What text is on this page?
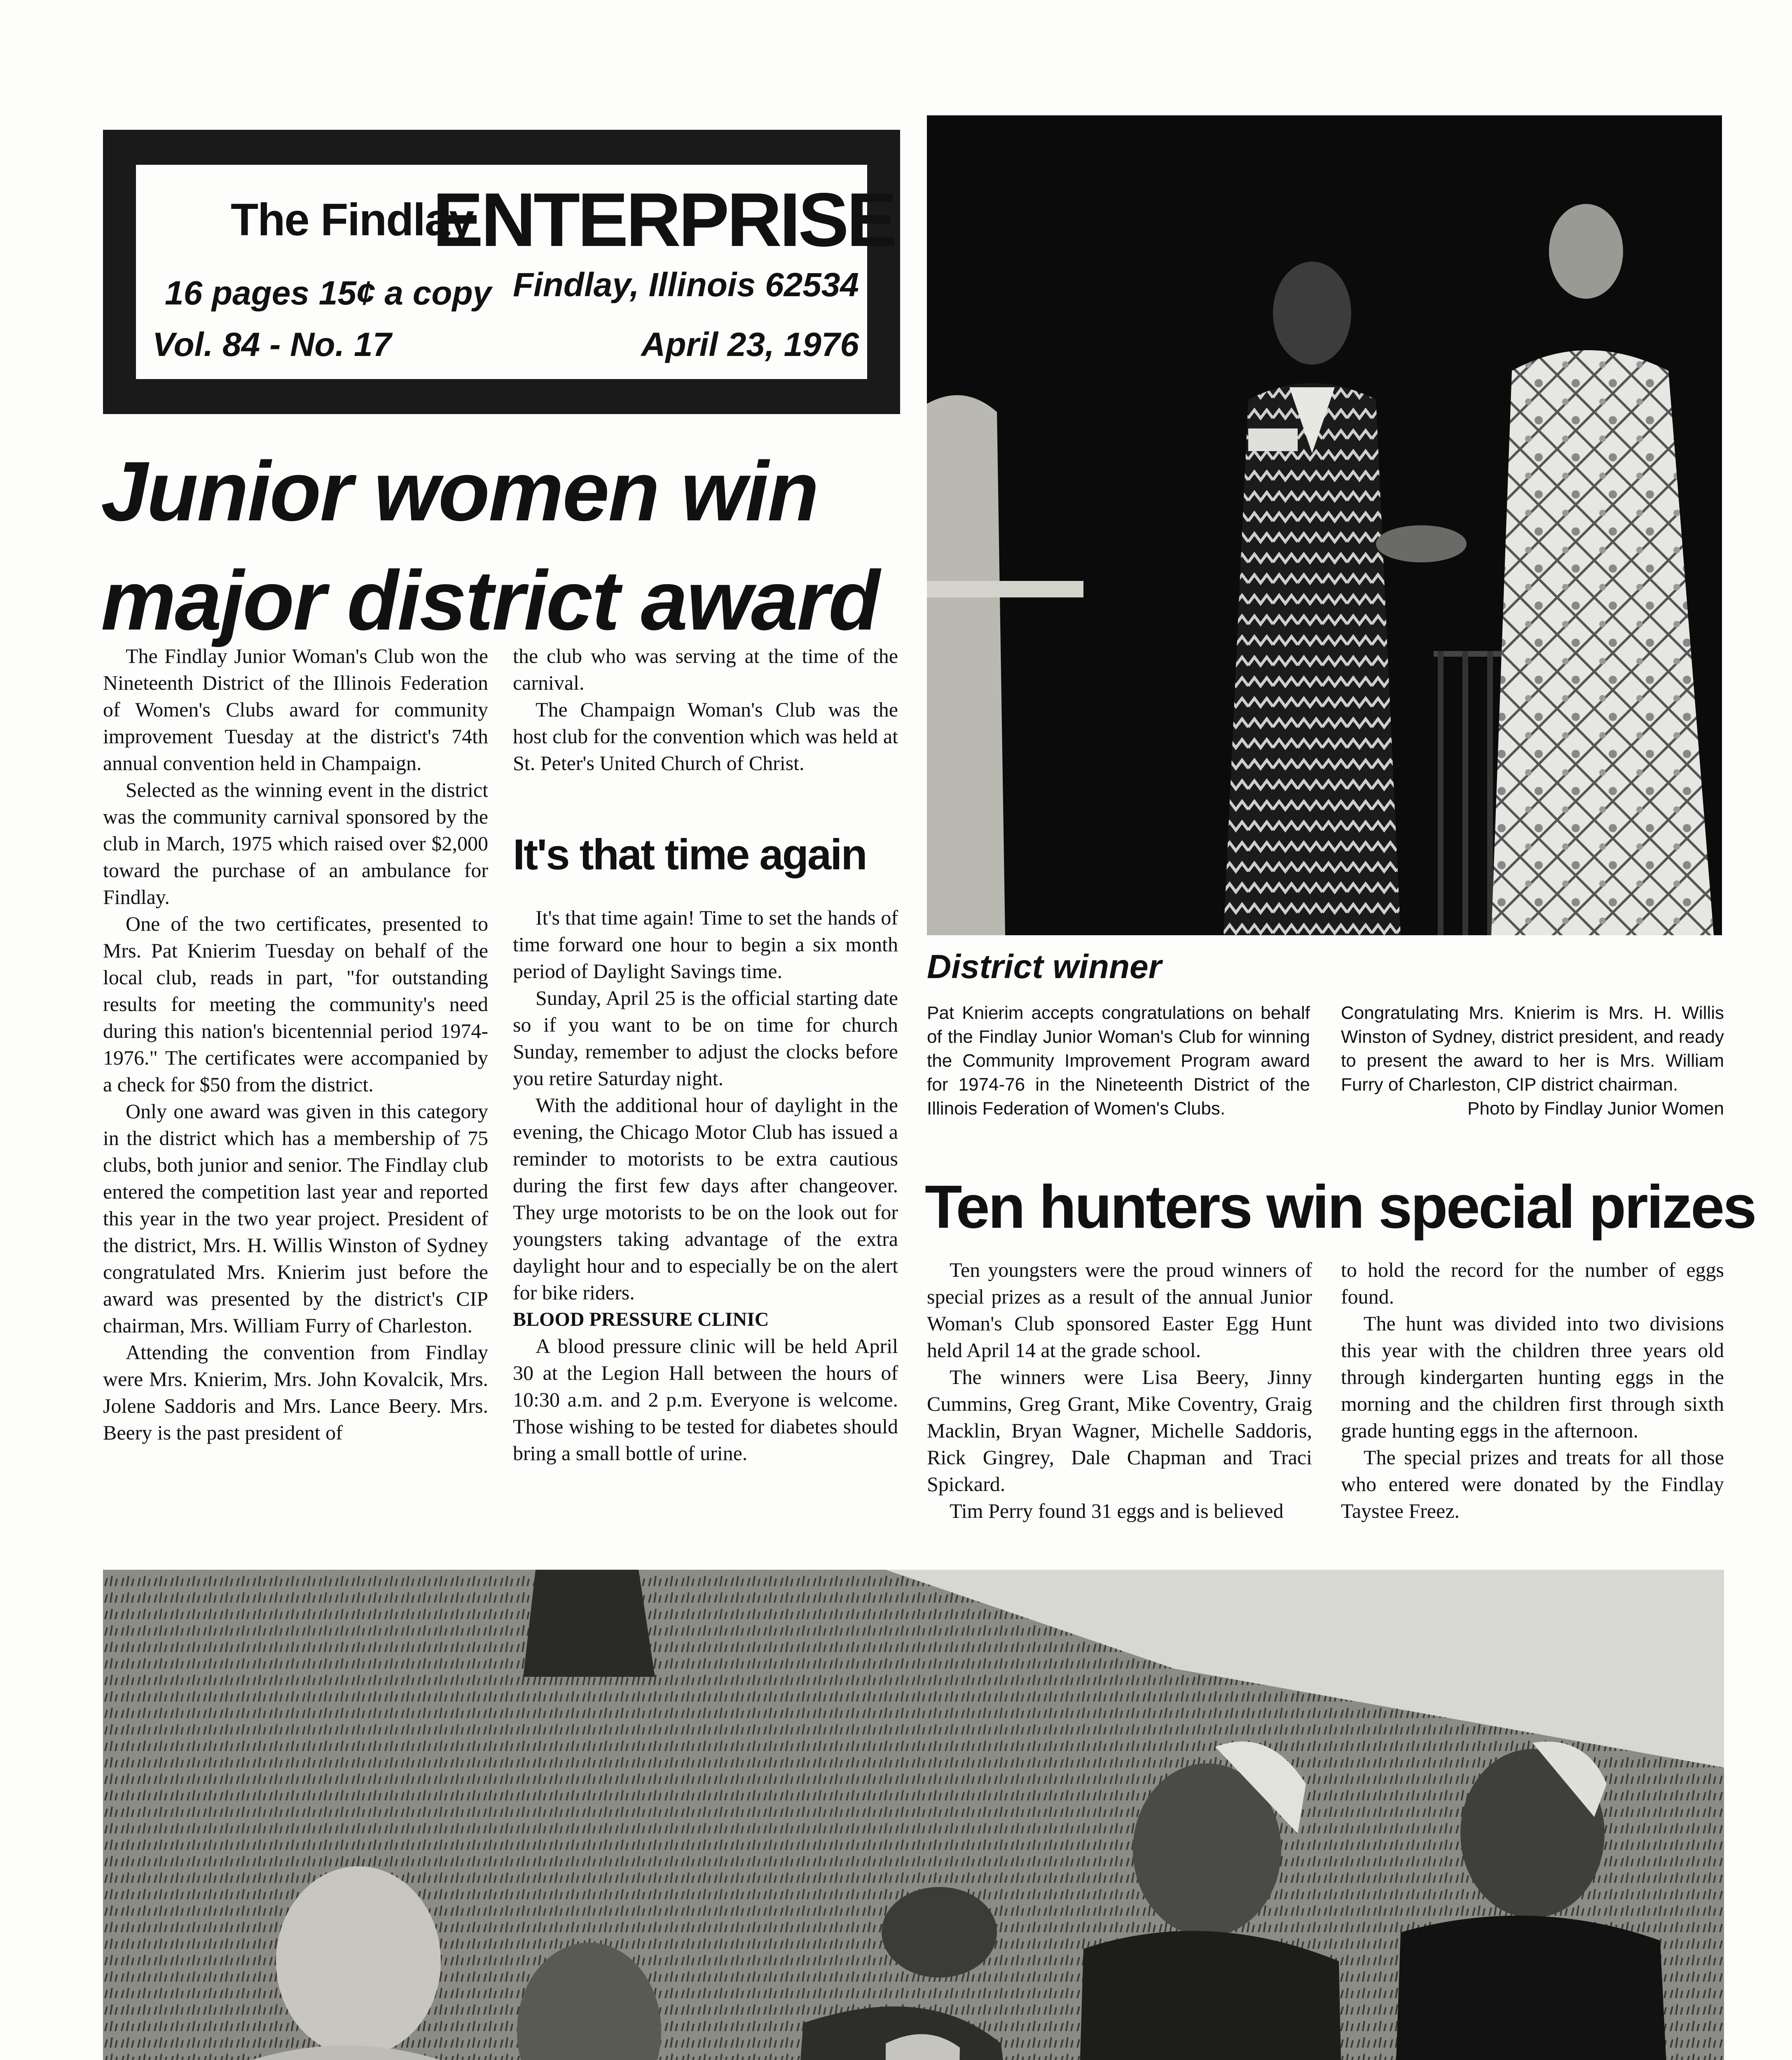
The Findlay
ENTERPRISE
16 pages 15¢ a copy Findlay, Illinois 62534
Vol. 84 - No. 17	April 23, 1976
Junior women win major district award

The Findlay Junior Woman's Club won the Nineteenth District of the Illinois Federation of Women's Clubs award for community improvement Tuesday at the district's 74th annual convention held in Champaign.

Selected as the winning event in the district was the community carnival sponsored by the club in March, 1975 which raised over $2,000 toward the purchase of an ambulance for Findlay.

One of the two certificates, presented to Mrs. Pat Knierim Tuesday on behalf of the local club, reads in part, "for outstanding results for meeting the community's need during this nation's bicentennial period 1974-1976." The certificates were accompanied by a check for $50 from the district.

Only one award was given in this category in the district which has a membership of 75 clubs, both junior and senior. The Findlay club entered the competition last year and reported this year in the two year project. President of the district, Mrs. H. Willis Winston of Sydney congratulated Mrs. Knierim just before the award was presented by the district's CIP chairman, Mrs. William Furry of Charleston.

Attending the convention from Findlay were Mrs. Knierim, Mrs. John Kovalcik, Mrs. Jolene Saddoris and Mrs. Lance Beery. Mrs. Beery is the past president of

the club who was serving at the time of the carnival.

The Champaign Woman's Club was the host club for the convention which was held at St. Peter's United Church of Christ.

It's that time again

It's that time again! Time to set the hands of time forward one hour to begin a six month period of Daylight Savings time.

Sunday, April 25 is the official starting date so if you want to be on time for church Sunday, remember to adjust the clocks before you retire Saturday night.

With the additional hour of daylight in the evening, the Chicago Motor Club has issued a reminder to motorists to be extra cautious during the first few days after changeover. They urge motorists to be on the look out for youngsters taking advantage of the extra daylight hour and to especially be on the alert for bike riders.

BLOOD PRESSURE CLINIC

A blood pressure clinic will be held April 30 at the Legion Hall between the hours of 10:30 a.m. and 2 p.m. Everyone is welcome. Those wishing to be tested for diabetes should bring a small bottle of urine.

District winner

Pat Knierim accepts congratulations on behalf of the Findlay Junior Woman's Club for winning the Community Improvement Program award for 1974-76 in the Nineteenth District of the Illinois Federation of Women's Clubs.

Congratulating Mrs. Knierim is Mrs. H. Willis Winston of Sydney, district president, and ready to present the award to her is Mrs. William Furry of Charleston, CIP district chairman.

Photo by Findlay Junior Women
Ten hunters win special prizes

Ten youngsters were the proud winners of special prizes as a result of the annual Junior Woman's Club sponsored Easter Egg Hunt held April 14 at the grade school.

The winners were Lisa Beery, Jinny Cummins, Greg Grant, Mike Coventry, Graig Macklin, Bryan Wagner, Michelle Saddoris, Rick Gingrey, Dale Chapman and Traci Spickard.

Tim Perry found 31 eggs and is believed

to hold the record for the number of eggs found.

The hunt was divided into two divisions this year with the children three years old through kindergarten hunting eggs in the morning and the children first through sixth grade hunting eggs in the afternoon.

The special prizes and treats for all those who entered were donated by the Findlay Taystee Freez.
